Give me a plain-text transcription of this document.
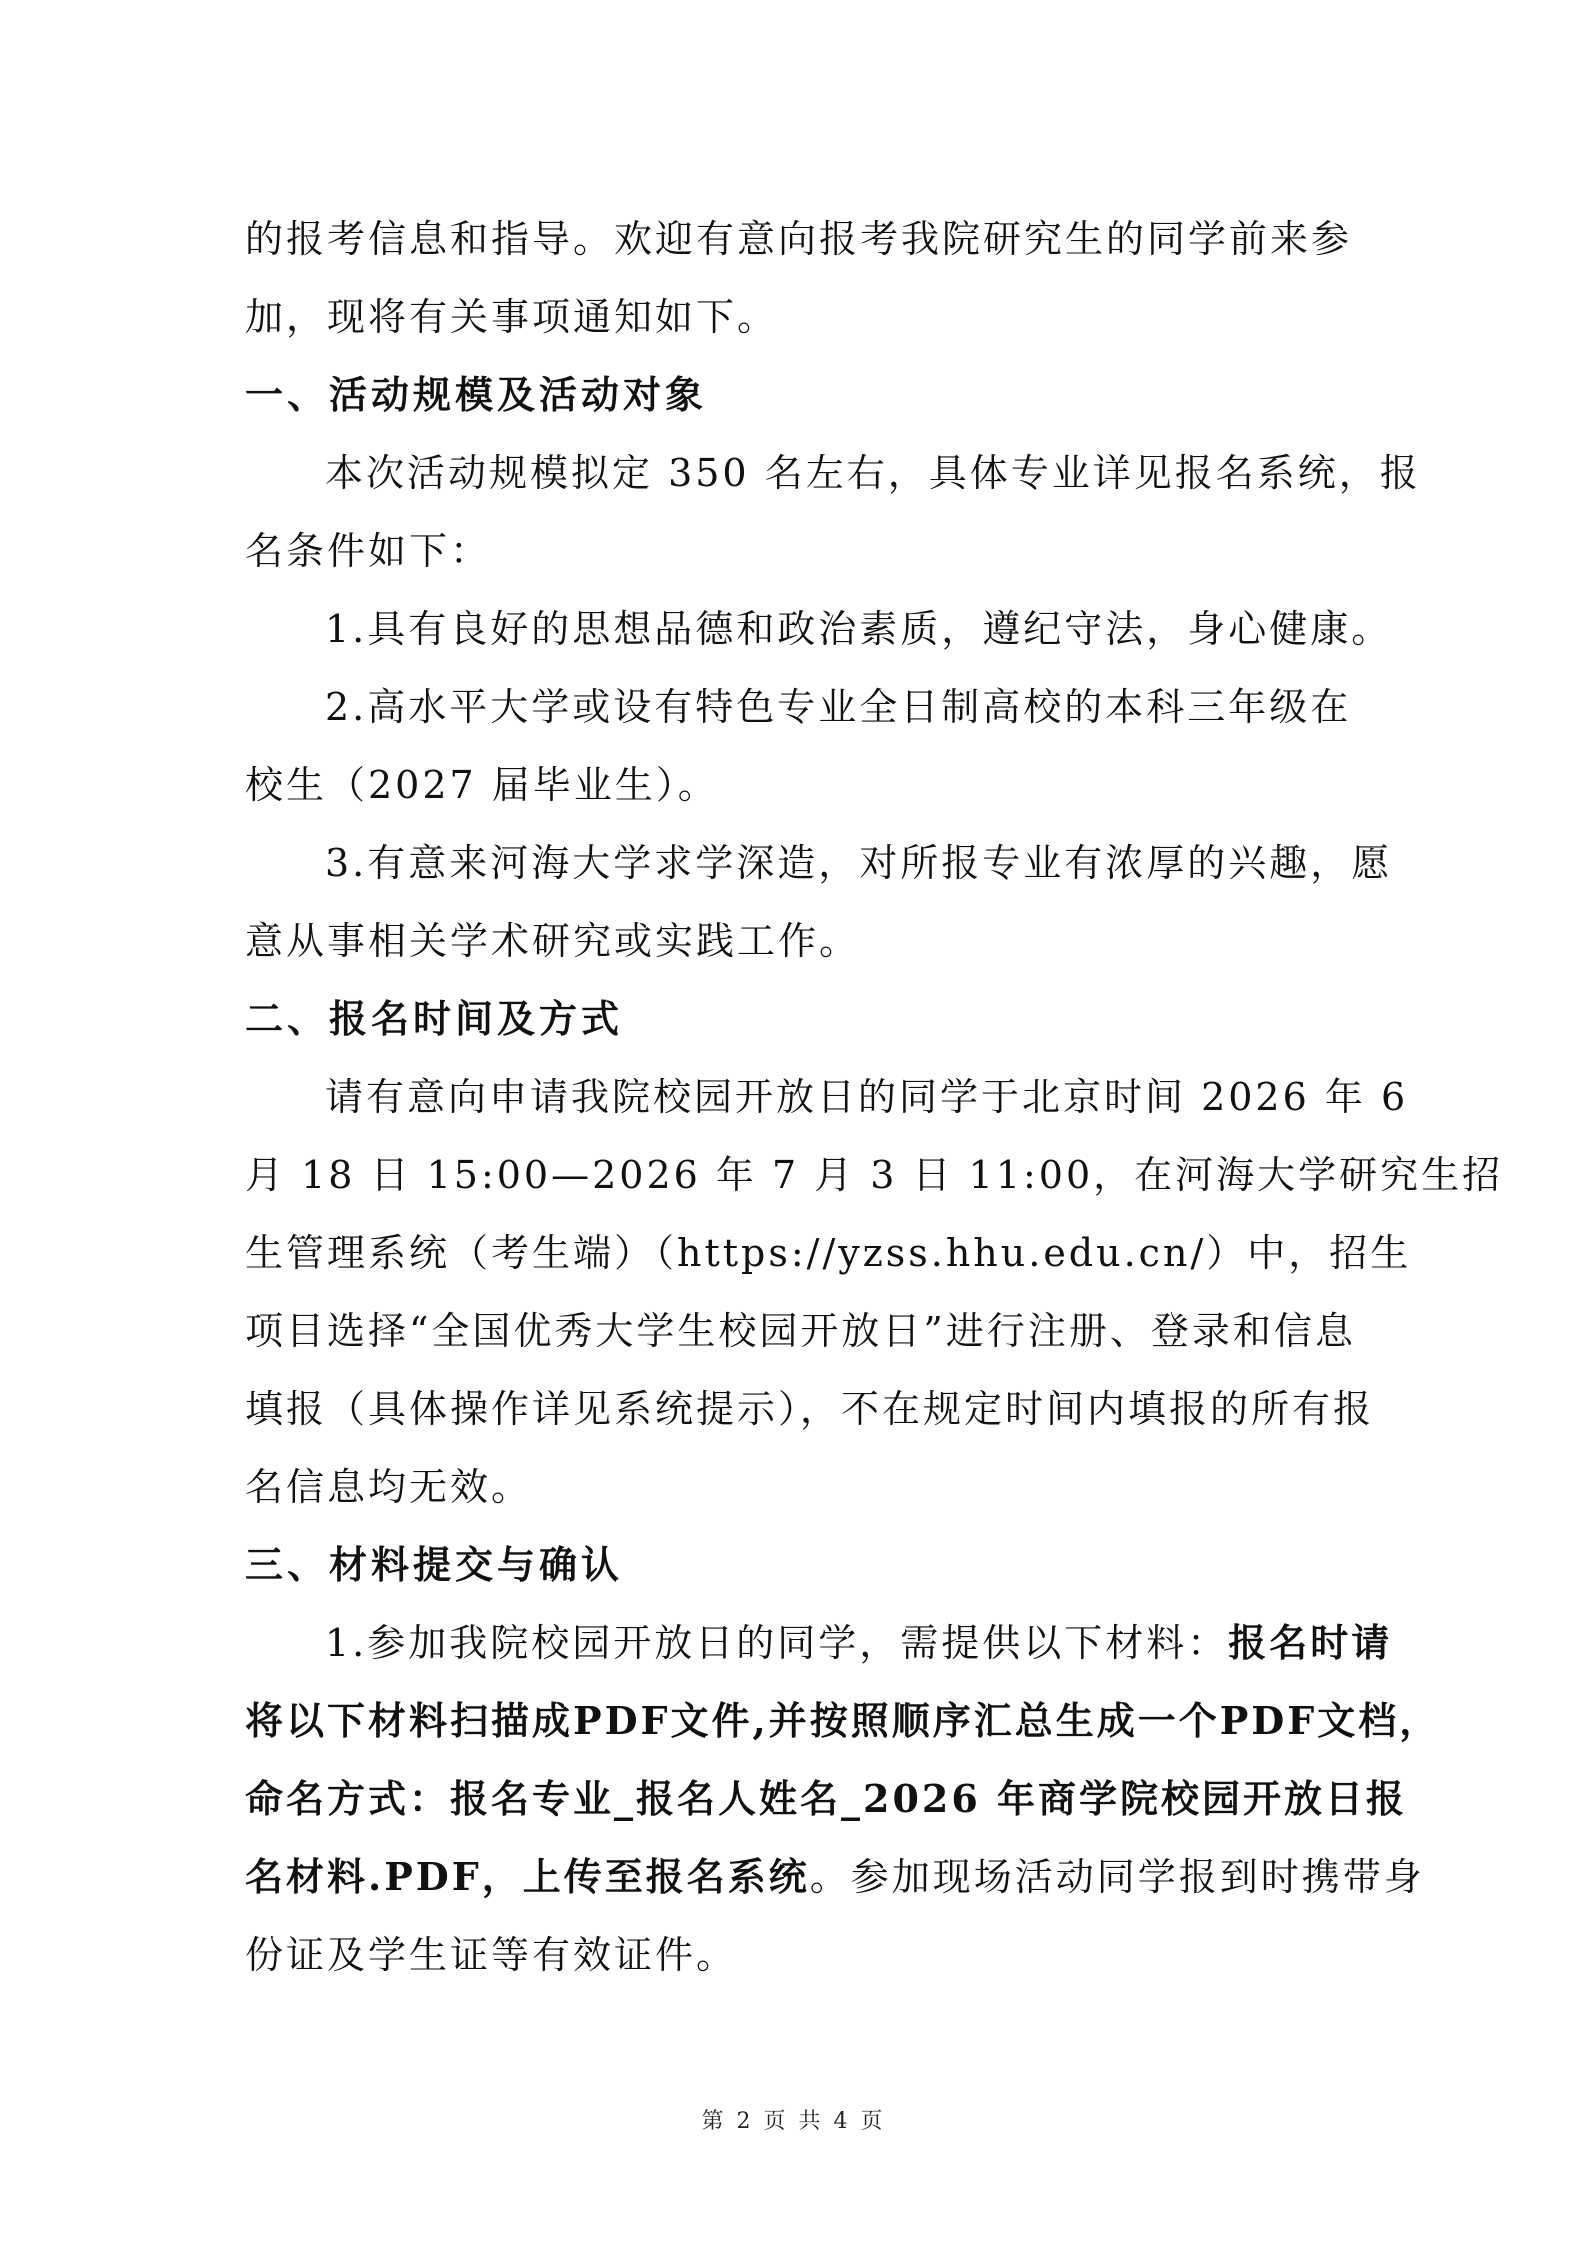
的报考信息和指导。欢迎有意向报考我院研究生的同学前来参
加，现将有关事项通知如下。
一、活动规模及活动对象
本次活动规模拟定 350 名左右，具体专业详见报名系统，报
名条件如下：
1.具有良好的思想品德和政治素质，遵纪守法，身心健康。
2.高水平大学或设有特色专业全日制高校的本科三年级在
校生（2027 届毕业生）。
3.有意来河海大学求学深造，对所报专业有浓厚的兴趣，愿
意从事相关学术研究或实践工作。
二、报名时间及方式
请有意向申请我院校园开放日的同学于北京时间 2026 年 6
月 18 日 15:00—2026 年 7 月 3 日 11:00，在河海大学研究生招
生管理系统（考生端）（https://yzss.hhu.edu.cn/）中，招生
项目选择“全国优秀大学生校园开放日”进行注册、登录和信息
填报（具体操作详见系统提示），不在规定时间内填报的所有报
名信息均无效。
三、材料提交与确认
1.参加我院校园开放日的同学，需提供以下材料：报名时请
将以下材料扫描成PDF文件,并按照顺序汇总生成一个PDF文档，
命名方式：报名专业_报名人姓名_2026 年商学院校园开放日报
名材料.PDF，上传至报名系统。参加现场活动同学报到时携带身
份证及学生证等有效证件。
第 2 页 共 4 页
